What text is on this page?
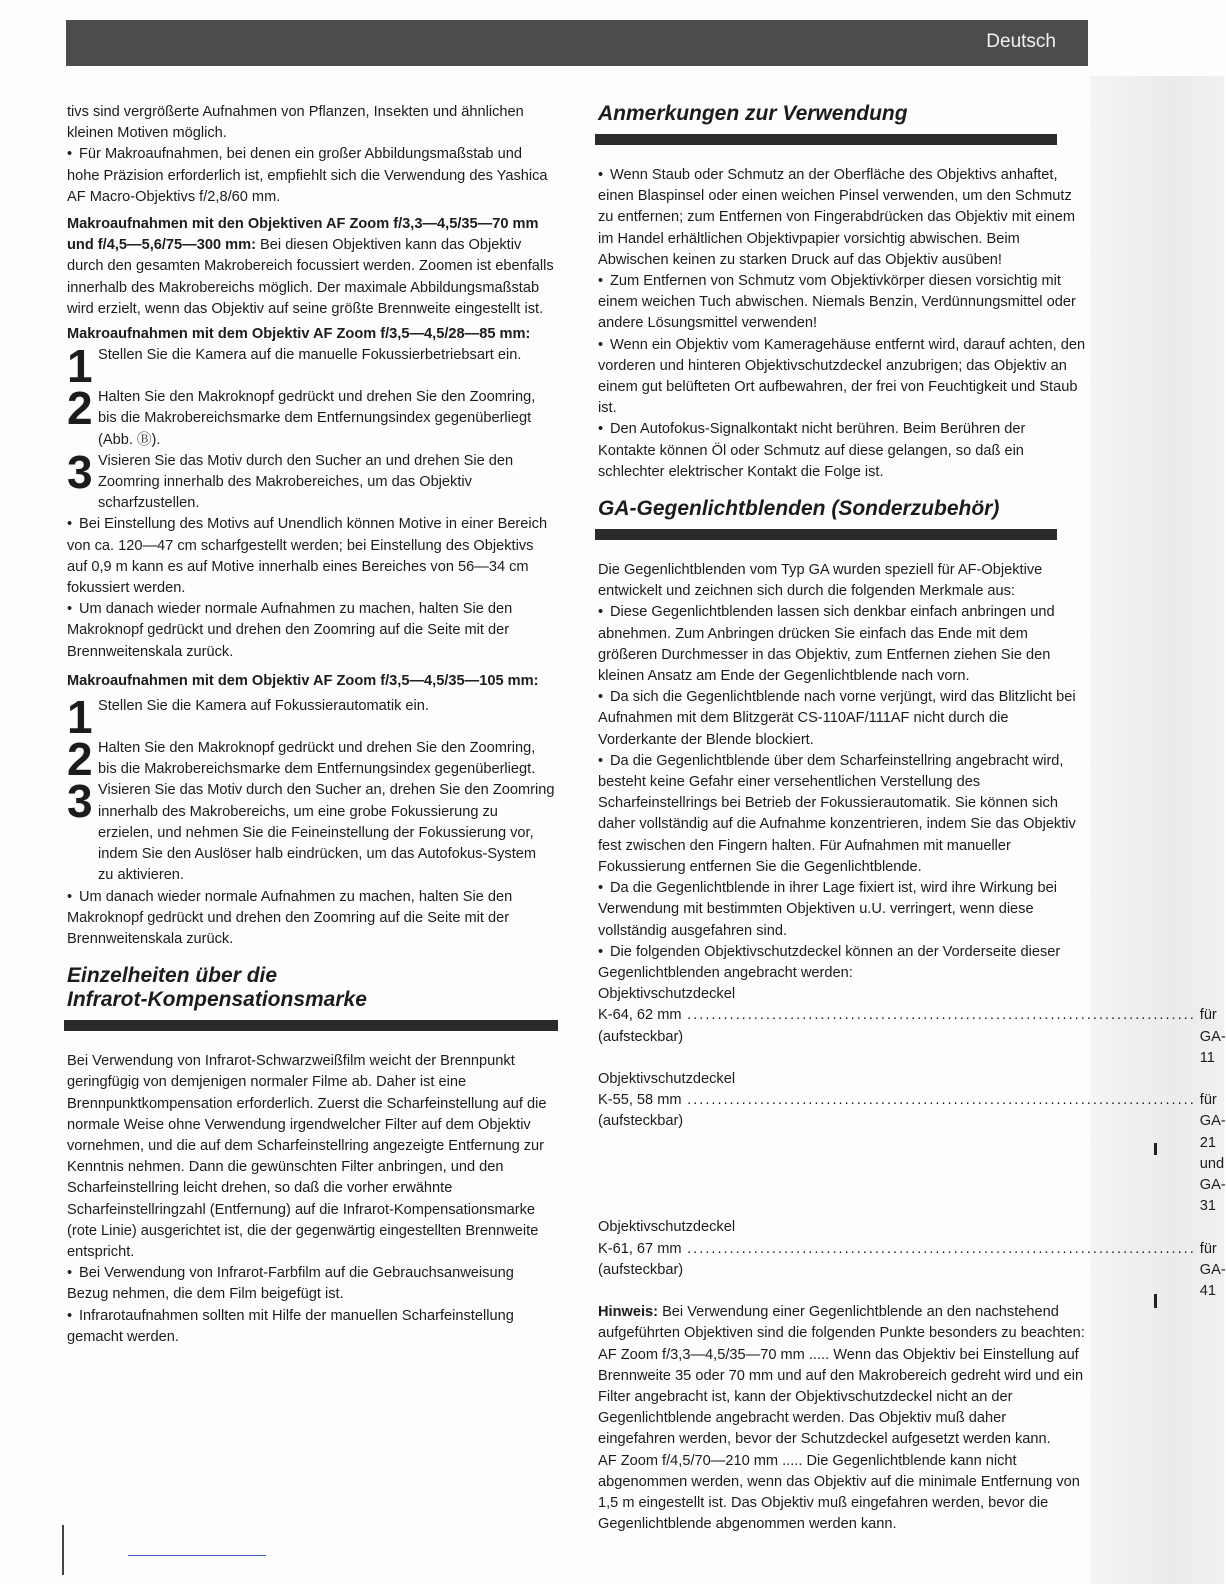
Deutsch

tivs sind vergrößerte Aufnahmen von Pflanzen, Insekten und ähnlichen kleinen Motiven möglich.

• Für Makroaufnahmen, bei denen ein großer Abbildungsmaßstab und hohe Präzision erforderlich ist, empfiehlt sich die Verwendung des Yashica AF Macro-Objektivs f/2,8/60 mm.

Makroaufnahmen mit den Objektiven AF Zoom f/3,3—4,5/35—70 mm und f/4,5—5,6/75—300 mm: Bei diesen Objektiven kann das Objektiv durch den gesamten Makrobereich focussiert werden. Zoomen ist ebenfalls innerhalb des Makrobereichs möglich. Der maximale Abbildungsmaßstab wird erzielt, wenn das Objektiv auf seine größte Brennweite eingestellt ist.

Makroaufnahmen mit dem Objektiv AF Zoom f/3,5—4,5/28—85 mm:

1 Stellen Sie die Kamera auf die manuelle Fokussierbetriebsart ein.
2 Halten Sie den Makroknopf gedrückt und drehen Sie den Zoomring, bis die Makrobereichsmarke dem Entfernungsindex gegenüberliegt (Abb. Ⓑ).
3 Visieren Sie das Motiv durch den Sucher an und drehen Sie den Zoomring innerhalb des Makrobereiches, um das Objektiv scharfzustellen.

• Bei Einstellung des Motivs auf Unendlich können Motive in einer Bereich von ca. 120—47 cm scharfgestellt werden; bei Einstellung des Objektivs auf 0,9 m kann es auf Motive innerhalb eines Bereiches von 56—34 cm fokussiert werden.

• Um danach wieder normale Aufnahmen zu machen, halten Sie den Makroknopf gedrückt und drehen den Zoomring auf die Seite mit der Brennweitenskala zurück.

Makroaufnahmen mit dem Objektiv AF Zoom f/3,5—4,5/35—105 mm:

1 Stellen Sie die Kamera auf Fokussierautomatik ein.
2 Halten Sie den Makroknopf gedrückt und drehen Sie den Zoomring, bis die Makrobereichsmarke dem Entfernungsindex gegenüberliegt.
3 Visieren Sie das Motiv durch den Sucher an, drehen Sie den Zoomring innerhalb des Makrobereichs, um eine grobe Fokussierung zu erzielen, und nehmen Sie die Feineinstellung der Fokussierung vor, indem Sie den Auslöser halb eindrücken, um das Autofokus-System zu aktivieren.

• Um danach wieder normale Aufnahmen zu machen, halten Sie den Makroknopf gedrückt und drehen den Zoomring auf die Seite mit der Brennweitenskala zurück.

Einzelheiten über die
Infrarot-Kompensationsmarke

Bei Verwendung von Infrarot-Schwarzweißfilm weicht der Brennpunkt geringfügig von demjenigen normaler Filme ab. Daher ist eine Brennpunktkompensation erforderlich. Zuerst die Scharfeinstellung auf die normale Weise ohne Verwendung irgendwelcher Filter auf dem Objektiv vornehmen, und die auf dem Scharfeinstellring angezeigte Entfernung zur Kenntnis nehmen. Dann die gewünschten Filter anbringen, und den Scharfeinstellring leicht drehen, so daß die vorher erwähnte Scharfeinstellringzahl (Entfernung) auf die Infrarot-Kompensationsmarke (rote Linie) ausgerichtet ist, die der gegenwärtig eingestellten Brennweite entspricht.

• Bei Verwendung von Infrarot-Farbfilm auf die Gebrauchsanweisung Bezug nehmen, die dem Film beigefügt ist.

• Infrarotaufnahmen sollten mit Hilfe der manuellen Scharfeinstellung gemacht werden.

Anmerkungen zur Verwendung

• Wenn Staub oder Schmutz an der Oberfläche des Objektivs anhaftet, einen Blaspinsel oder einen weichen Pinsel verwenden, um den Schmutz zu entfernen; zum Entfernen von Fingerabdrücken das Objektiv mit einem im Handel erhältlichen Objektivpapier vorsichtig abwischen. Beim Abwischen keinen zu starken Druck auf das Objektiv ausüben!

• Zum Entfernen von Schmutz vom Objektivkörper diesen vorsichtig mit einem weichen Tuch abwischen. Niemals Benzin, Verdünnungsmittel oder andere Lösungsmittel verwenden!

• Wenn ein Objektiv vom Kameragehäuse entfernt wird, darauf achten, den vorderen und hinteren Objektivschutzdeckel anzubrigen; das Objektiv an einem gut belüfteten Ort aufbewahren, der frei von Feuchtigkeit und Staub ist.

• Den Autofokus-Signalkontakt nicht berühren. Beim Berühren der Kontakte können Öl oder Schmutz auf diese gelangen, so daß ein schlechter elektrischer Kontakt die Folge ist.

GA-Gegenlichtblenden (Sonderzubehör)

Die Gegenlichtblenden vom Typ GA wurden speziell für AF-Objektive entwickelt und zeichnen sich durch die folgenden Merkmale aus:

• Diese Gegenlichtblenden lassen sich denkbar einfach anbringen und abnehmen. Zum Anbringen drücken Sie einfach das Ende mit dem größeren Durchmesser in das Objektiv, zum Entfernen ziehen Sie den kleinen Ansatz am Ende der Gegenlichtblende nach vorn.

• Da sich die Gegenlichtblende nach vorne verjüngt, wird das Blitzlicht bei Aufnahmen mit dem Blitzgerät CS-110AF/111AF nicht durch die Vorderkante der Blende blockiert.

• Da die Gegenlichtblende über dem Scharfeinstellring angebracht wird, besteht keine Gefahr einer versehentlichen Verstellung des Scharfeinstellrings bei Betrieb der Fokussierautomatik. Sie können sich daher vollständig auf die Aufnahme konzentrieren, indem Sie das Objektiv fest zwischen den Fingern halten. Für Aufnahmen mit manueller Fokussierung entfernen Sie die Gegenlichtblende.

• Da die Gegenlichtblende in ihrer Lage fixiert ist, wird ihre Wirkung bei Verwendung mit bestimmten Objektiven u.U. verringert, wenn diese vollständig ausgefahren sind.

• Die folgenden Objektivschutzdeckel können an der Vorderseite dieser Gegenlichtblenden angebracht werden:

Objektivschutzdeckel

K-64, 62 mm (aufsteckbar)
.................................................................................... für GA-11

Objektivschutzdeckel

K-55, 58 mm (aufsteckbar)
.................................................................................... für GA-21 und GA-31

Objektivschutzdeckel

K-61, 67 mm (aufsteckbar)
.................................................................................... für GA-41

Hinweis: Bei Verwendung einer Gegenlichtblende an den nachstehend aufgeführten Objektiven sind die folgenden Punkte besonders zu beachten:

AF Zoom f/3,3—4,5/35—70 mm ..... Wenn das Objektiv bei Einstellung auf Brennweite 35 oder 70 mm und auf den Makrobereich gedreht wird und ein Filter angebracht ist, kann der Objektivschutzdeckel nicht an der Gegenlichtblende angebracht werden. Das Objektiv muß daher eingefahren werden, bevor der Schutzdeckel aufgesetzt werden kann.

AF Zoom f/4,5/70—210 mm ..... Die Gegenlichtblende kann nicht abgenommen werden, wenn das Objektiv auf die minimale Entfernung von 1,5 m eingestellt ist. Das Objektiv muß eingefahren werden, bevor die Gegenlichtblende abgenommen werden kann.
